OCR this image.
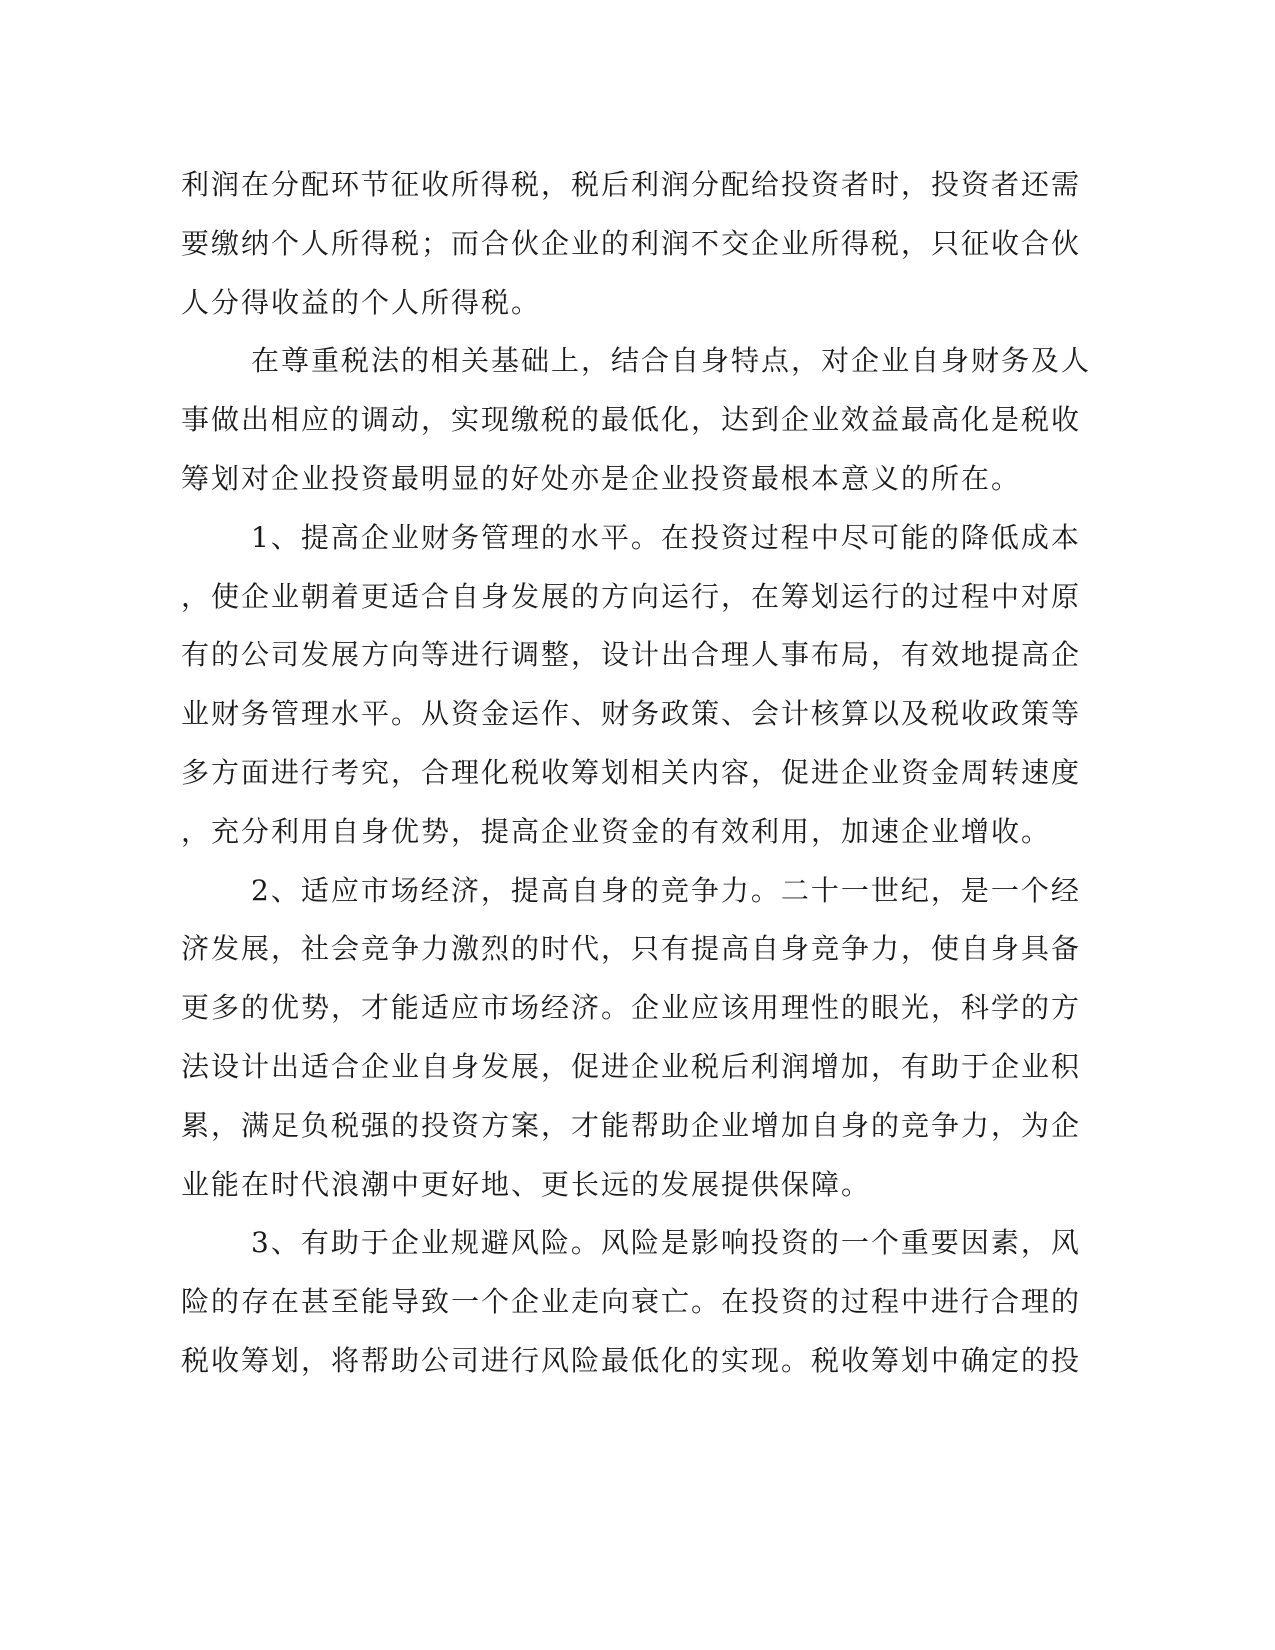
利润在分配环节征收所得税，税后利润分配给投资者时，投资者还需
要缴纳个人所得税；而合伙企业的利润不交企业所得税，只征收合伙
人分得收益的个人所得税。
在尊重税法的相关基础上，结合自身特点，对企业自身财务及人
事做出相应的调动，实现缴税的最低化，达到企业效益最高化是税收
筹划对企业投资最明显的好处亦是企业投资最根本意义的所在。
1、提高企业财务管理的水平。在投资过程中尽可能的降低成本
，使企业朝着更适合自身发展的方向运行，在筹划运行的过程中对原
有的公司发展方向等进行调整，设计出合理人事布局，有效地提高企
业财务管理水平。从资金运作、财务政策、会计核算以及税收政策等
多方面进行考究，合理化税收筹划相关内容，促进企业资金周转速度
，充分利用自身优势，提高企业资金的有效利用，加速企业增收。
2、适应市场经济，提高自身的竞争力。二十一世纪，是一个经
济发展，社会竞争力激烈的时代，只有提高自身竞争力，使自身具备
更多的优势，才能适应市场经济。企业应该用理性的眼光，科学的方
法设计出适合企业自身发展，促进企业税后利润增加，有助于企业积
累，满足负税强的投资方案，才能帮助企业增加自身的竞争力，为企
业能在时代浪潮中更好地、更长远的发展提供保障。
3、有助于企业规避风险。风险是影响投资的一个重要因素，风
险的存在甚至能导致一个企业走向衰亡。在投资的过程中进行合理的
税收筹划，将帮助公司进行风险最低化的实现。税收筹划中确定的投
